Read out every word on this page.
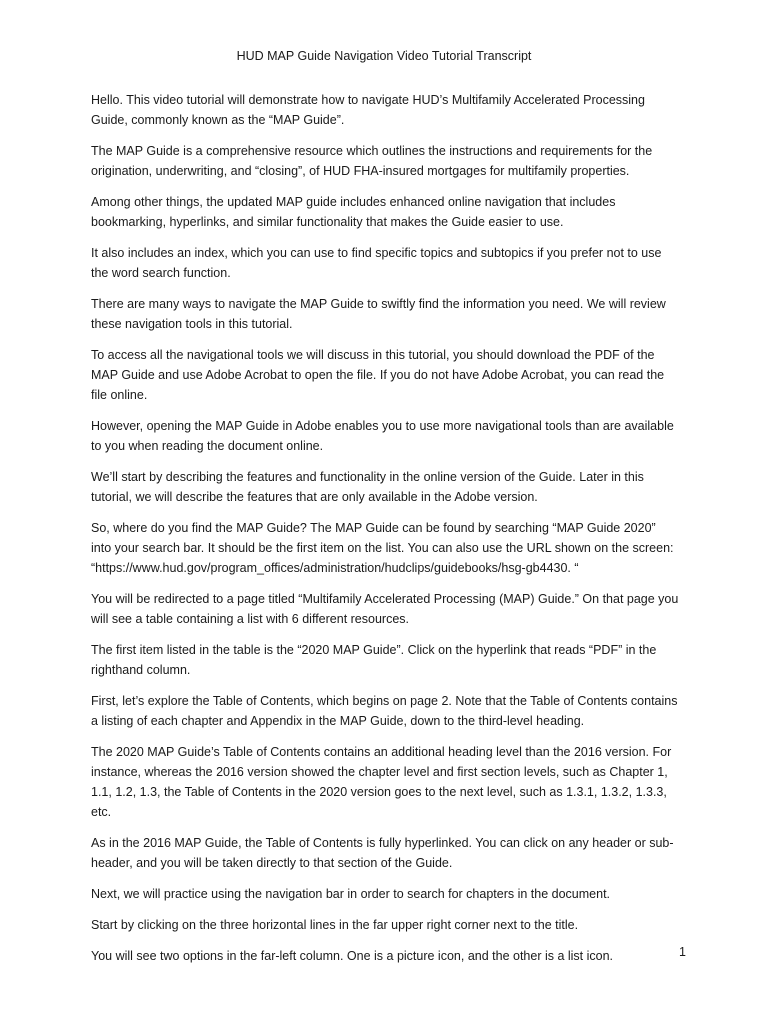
HUD MAP Guide Navigation Video Tutorial Transcript

Hello. This video tutorial will demonstrate how to navigate HUD’s Multifamily Accelerated Processing Guide, commonly known as the “MAP Guide”.

The MAP Guide is a comprehensive resource which outlines the instructions and requirements for the origination, underwriting, and “closing”, of HUD FHA-insured mortgages for multifamily properties.

Among other things, the updated MAP guide includes enhanced online navigation that includes bookmarking, hyperlinks, and similar functionality that makes the Guide easier to use.

It also includes an index, which you can use to find specific topics and subtopics if you prefer not to use the word search function.

There are many ways to navigate the MAP Guide to swiftly find the information you need. We will review these navigation tools in this tutorial.

To access all the navigational tools we will discuss in this tutorial, you should download the PDF of the MAP Guide and use Adobe Acrobat to open the file. If you do not have Adobe Acrobat, you can read the file online.

However, opening the MAP Guide in Adobe enables you to use more navigational tools than are available to you when reading the document online.

We’ll start by describing the features and functionality in the online version of the Guide. Later in this tutorial, we will describe the features that are only available in the Adobe version.

So, where do you find the MAP Guide? The MAP Guide can be found by searching “MAP Guide 2020” into your search bar. It should be the first item on the list. You can also use the URL shown on the screen: “https://www.hud.gov/program_offices/administration/hudclips/guidebooks/hsg-gb4430. “

You will be redirected to a page titled “Multifamily Accelerated Processing (MAP) Guide.” On that page you will see a table containing a list with 6 different resources.

The first item listed in the table is the “2020 MAP Guide”. Click on the hyperlink that reads “PDF” in the righthand column.

First, let’s explore the Table of Contents, which begins on page 2. Note that the Table of Contents contains a listing of each chapter and Appendix in the MAP Guide, down to the third-level heading.

The 2020 MAP Guide’s Table of Contents contains an additional heading level than the 2016 version. For instance, whereas the 2016 version showed the chapter level and first section levels, such as Chapter 1, 1.1, 1.2, 1.3, the Table of Contents in the 2020 version goes to the next level, such as 1.3.1, 1.3.2, 1.3.3, etc.

As in the 2016 MAP Guide, the Table of Contents is fully hyperlinked. You can click on any header or sub-header, and you will be taken directly to that section of the Guide.

Next, we will practice using the navigation bar in order to search for chapters in the document.

Start by clicking on the three horizontal lines in the far upper right corner next to the title.

You will see two options in the far-left column. One is a picture icon, and the other is a list icon.	1
